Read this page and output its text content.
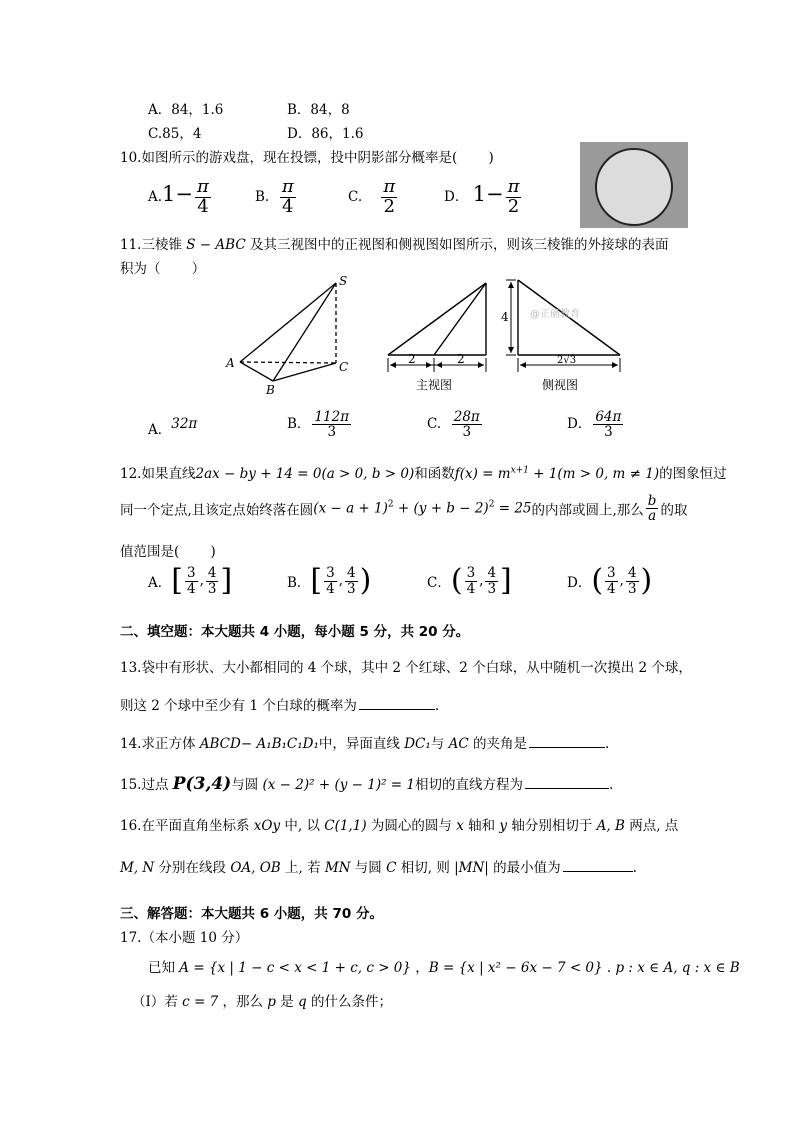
A．84，1.6	B．84，8
C.85，4	D．86，1.6
10.如图所示的游戏盘，现在投镖，投中阴影部分概率是(　　 )
$A.1- \frac{\pi}{4}$	B. $\frac{\pi}{4}$	C. $\frac{\pi}{2}$	D． $1- \frac{\pi}{2}$
11.三棱锥 S − ABC 及其三视图中的正视图和侧视图如图所示，则该三棱锥的外接球的表面
积为（　　 ）
S
A
B
C
2	2
主视图
4
2√3
@正确教育
侧视图
A．32π	B． $\frac{112\pi}{3}$	C. $\frac{28\pi}{3}$	D． $\frac{64\pi}{3}$
12.如果直线2ax − by + 14 = 0(a > 0, b > 0)和函数$f(x) = m^{x+1} + 1(m > 0$, m ≠ 1)的图象恒过
同一个定点,且该定点始终落在圆$(x - a + 1)^2 + (y + b - 2)^2 = 25$的内部或圆上,那么 $\frac{b}{a}$ 的取
值范围是(　　 )
A．[ $\frac{3}{4}$ , $\frac{4}{3}$ ]	B．[ $\frac{3}{4}$ , $\frac{4}{3}$ )	C．( $\frac{3}{4}$ , $\frac{4}{3}$ ]	D．( $\frac{3}{4}$ , $\frac{4}{3}$ )
二、填空题：本大题共 4 小题，每小题 5 分，共 20 分。
13.袋中有形状、大小都相同的 4 个球，其中 2 个红球、2 个白球，从中随机一次摸出 2 个球，
则这 2 个球中至少有 1 个白球的概率为	.
14.求正方体 ABCD− A₁B₁C₁D₁中，异面直线 DC₁与 AC 的夹角是	.
15.过点 P(3,4)与圆 (x − 2)² + (y − 1)² = 1相切的直线方程为	.
16.在平面直角坐标系 xOy 中, 以 C(1,1) 为圆心的圆与 x 轴和 y 轴分别相切于 A, B 两点, 点
M, N 分别在线段 OA, OB 上, 若 MN 与圆 C 相切, 则 |MN| 的最小值为	.
三、解答题：本大题共 6 小题，共 70 分。
17.（本小题 10 分）
已知 A = {x | 1 − c < x < 1 + c, c > 0} ，B = {x | x² − 6x − 7 < 0} . p : x ∈ A, q : x ∈ B
（Ⅰ）若 c = 7 ，那么 p 是 q 的什么条件；
